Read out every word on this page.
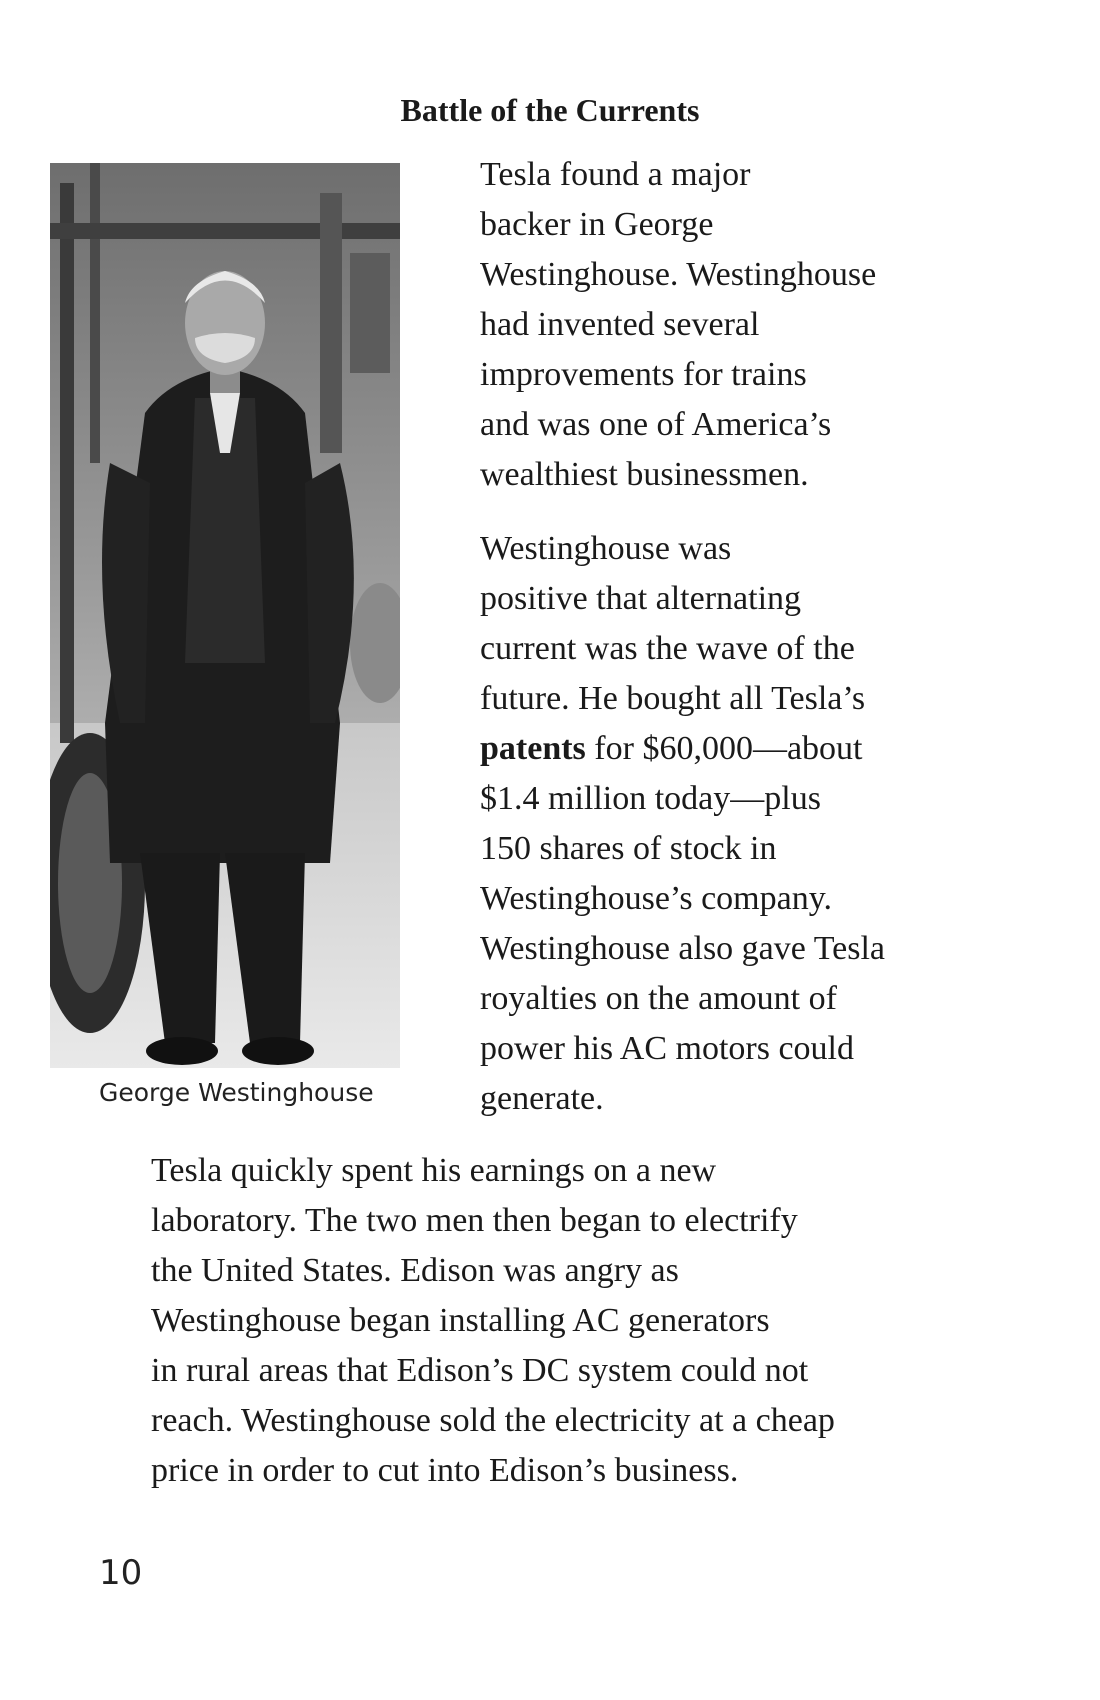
Battle of the Currents
George Westinghouse

Tesla found a major
backer in George
Westinghouse. Westinghouse
had invented several
improvements for trains
and was one of America’s
wealthiest businessmen.

Westinghouse was
positive that alternating
current was the wave of the
future. He bought all Tesla’s
patents for $60,000—about
$1.4 million today—plus
150 shares of stock in
Westinghouse’s company.
Westinghouse also gave Tesla
royalties on the amount of
power his AC motors could
generate.

Tesla quickly spent his earnings on a new
laboratory. The two men then began to electrify
the United States. Edison was angry as
Westinghouse began installing AC generators
in rural areas that Edison’s DC system could not
reach. Westinghouse sold the electricity at a cheap
price in order to cut into Edison’s business.

10
